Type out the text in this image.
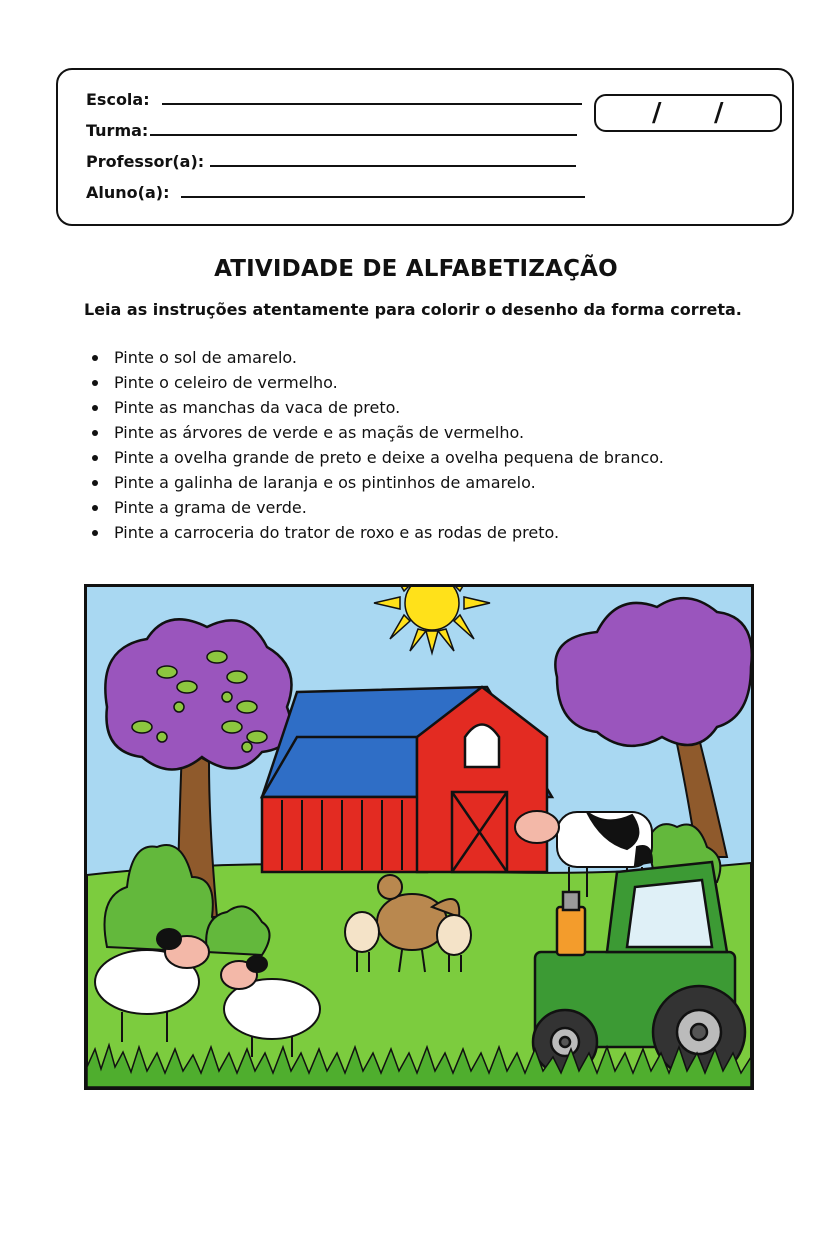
Escola:
Turma:
Professor(a):
Aluno(a):
/ /
ATIVIDADE DE ALFABETIZAÇÃO
Leia as instruções atentamente para colorir o desenho da forma correta.
Pinte o sol de amarelo.
Pinte o celeiro de vermelho.
Pinte as manchas da vaca de preto.
Pinte as árvores de verde e as maçãs de vermelho.
Pinte a ovelha grande de preto e deixe a ovelha pequena de branco.
Pinte a galinha de laranja e os pintinhos de amarelo.
Pinte a grama de verde.
Pinte a carroceria do trator de roxo e as rodas de preto.
